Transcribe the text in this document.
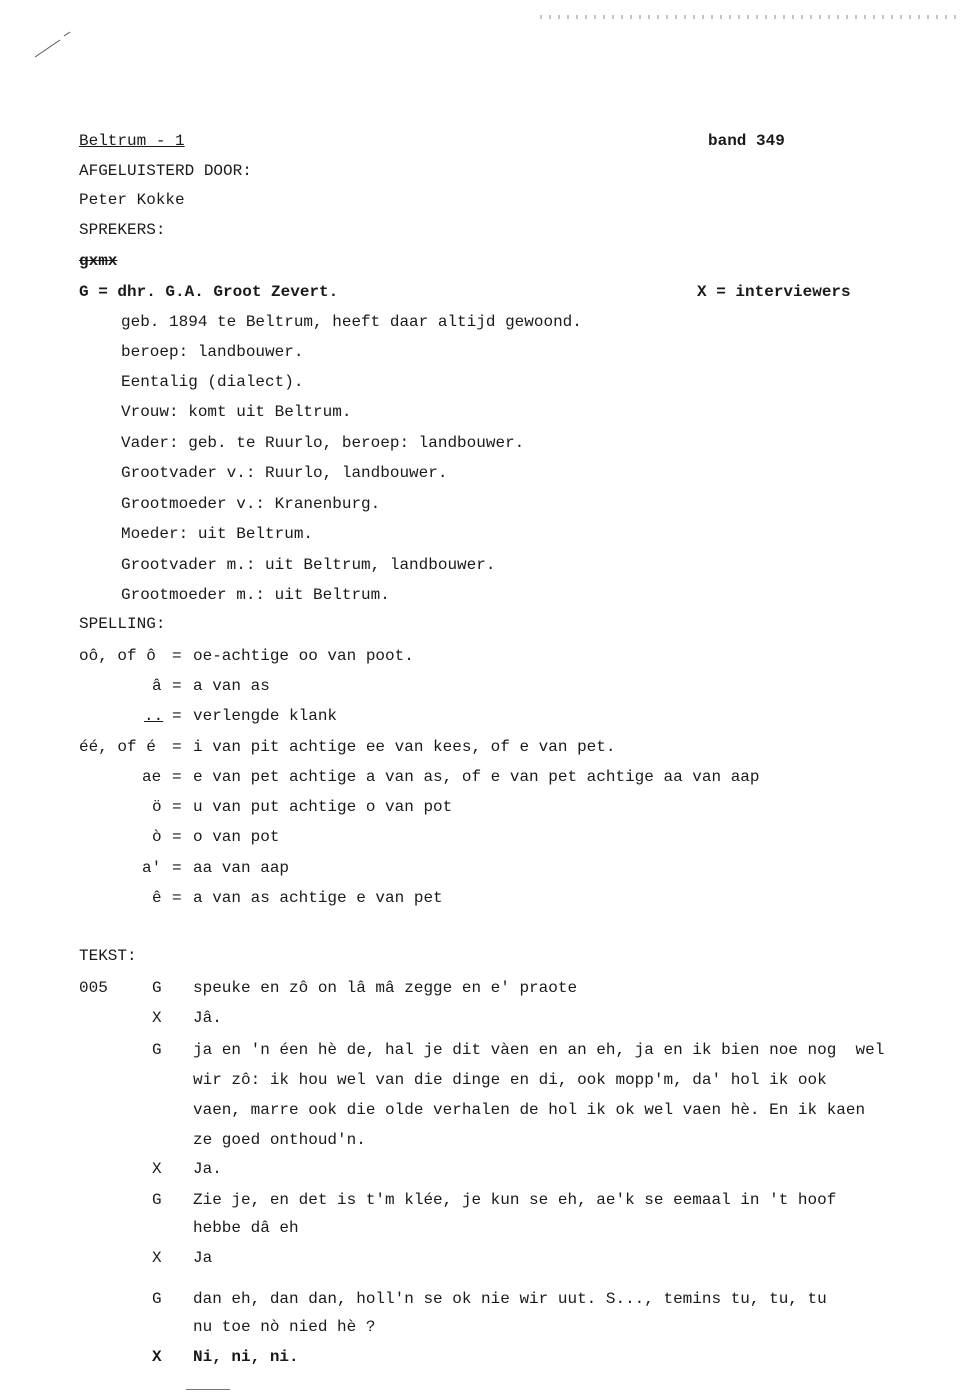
Beltrum - 1	band 349
AFGELUISTERD DOOR:
Peter Kokke
SPREKERS:
gxmx
G = dhr. G.A. Groot Zevert.	X = interviewers
geb. 1894 te Beltrum, heeft daar altijd gewoond.
beroep: landbouwer.
Eentalig (dialect).
Vrouw: komt uit Beltrum.
Vader: geb. te Ruurlo, beroep: landbouwer.
Grootvader v.: Ruurlo, landbouwer.
Grootmoeder v.: Kranenburg.
Moeder: uit Beltrum.
Grootvader m.: uit Beltrum, landbouwer.
Grootmoeder m.: uit Beltrum.
SPELLING:
oô, of ô = oe-achtige oo van poot.
â = a van as
.. = verlengde klank
éé, of é = i van pit achtige ee van kees, of e van pet.
ae = e van pet achtige a van as, of e van pet achtige aa van aap
ö = u van put achtige o van pot
ò = o van pot
a' = aa van aap
ê = a van as achtige e van pet
TEKST:
005	G speuke en zô on lâ mâ zegge en e' praote
X Jâ.
G ja en 'n éen hè de, hal je dit vàen en an eh, ja en ik bien noe nog  wel
wir zô: ik hou wel van die dinge en di, ook mopp'm, da' hol ik ook
vaen, marre ook die olde verhalen de hol ik ok wel vaen hè. En ik kaen
ze goed onthoud'n.
X Ja.
G Zie je, en det is t'm klée, je kun se eh, ae'k se eemaal in 't hoof
hebbe dâ eh
X Ja
G dan eh, dan dan, holl'n se ok nie wir uut. S..., temins tu, tu, tu
nu toe nò nied hè ?
X Ni, ni, ni.
